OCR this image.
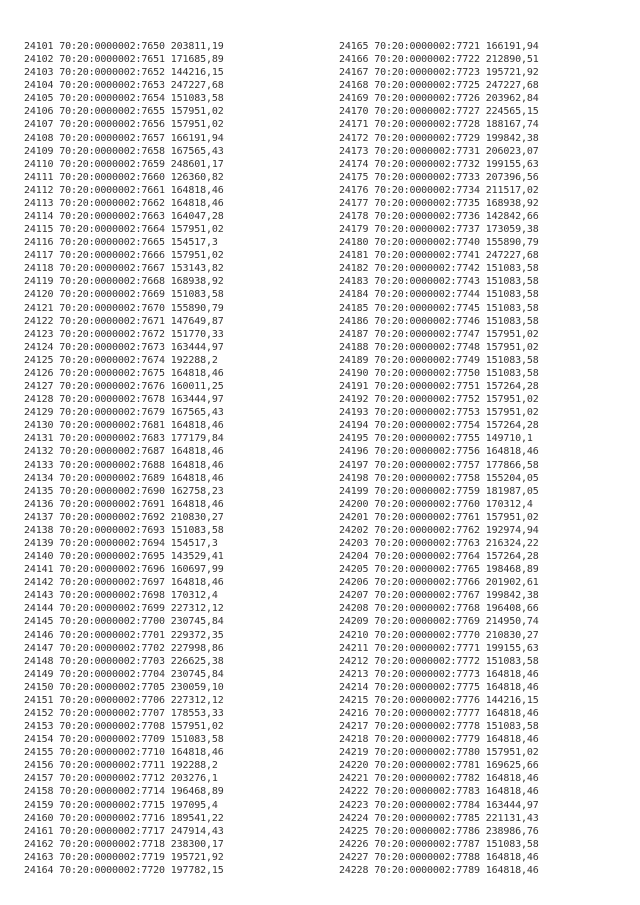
24101 70:20:0000002:7650 203811,19
24102 70:20:0000002:7651 171685,89
24103 70:20:0000002:7652 144216,15
24104 70:20:0000002:7653 247227,68
24105 70:20:0000002:7654 151083,58
24106 70:20:0000002:7655 157951,02
24107 70:20:0000002:7656 157951,02
24108 70:20:0000002:7657 166191,94
24109 70:20:0000002:7658 167565,43
24110 70:20:0000002:7659 248601,17
24111 70:20:0000002:7660 126360,82
24112 70:20:0000002:7661 164818,46
24113 70:20:0000002:7662 164818,46
24114 70:20:0000002:7663 164047,28
24115 70:20:0000002:7664 157951,02
24116 70:20:0000002:7665 154517,3
24117 70:20:0000002:7666 157951,02
24118 70:20:0000002:7667 153143,82
24119 70:20:0000002:7668 168938,92
24120 70:20:0000002:7669 151083,58
24121 70:20:0000002:7670 155890,79
24122 70:20:0000002:7671 147649,87
24123 70:20:0000002:7672 151770,33
24124 70:20:0000002:7673 163444,97
24125 70:20:0000002:7674 192288,2
24126 70:20:0000002:7675 164818,46
24127 70:20:0000002:7676 160011,25
24128 70:20:0000002:7678 163444,97
24129 70:20:0000002:7679 167565,43
24130 70:20:0000002:7681 164818,46
24131 70:20:0000002:7683 177179,84
24132 70:20:0000002:7687 164818,46
24133 70:20:0000002:7688 164818,46
24134 70:20:0000002:7689 164818,46
24135 70:20:0000002:7690 162758,23
24136 70:20:0000002:7691 164818,46
24137 70:20:0000002:7692 210830,27
24138 70:20:0000002:7693 151083,58
24139 70:20:0000002:7694 154517,3
24140 70:20:0000002:7695 143529,41
24141 70:20:0000002:7696 160697,99
24142 70:20:0000002:7697 164818,46
24143 70:20:0000002:7698 170312,4
24144 70:20:0000002:7699 227312,12
24145 70:20:0000002:7700 230745,84
24146 70:20:0000002:7701 229372,35
24147 70:20:0000002:7702 227998,86
24148 70:20:0000002:7703 226625,38
24149 70:20:0000002:7704 230745,84
24150 70:20:0000002:7705 230059,10
24151 70:20:0000002:7706 227312,12
24152 70:20:0000002:7707 178553,33
24153 70:20:0000002:7708 157951,02
24154 70:20:0000002:7709 151083,58
24155 70:20:0000002:7710 164818,46
24156 70:20:0000002:7711 192288,2
24157 70:20:0000002:7712 203276,1
24158 70:20:0000002:7714 196468,89
24159 70:20:0000002:7715 197095,4
24160 70:20:0000002:7716 189541,22
24161 70:20:0000002:7717 247914,43
24162 70:20:0000002:7718 238300,17
24163 70:20:0000002:7719 195721,92
24164 70:20:0000002:7720 197782,15
24165 70:20:0000002:7721 166191,94
24166 70:20:0000002:7722 212890,51
24167 70:20:0000002:7723 195721,92
24168 70:20:0000002:7725 247227,68
24169 70:20:0000002:7726 203962,84
24170 70:20:0000002:7727 224565,15
24171 70:20:0000002:7728 188167,74
24172 70:20:0000002:7729 199842,38
24173 70:20:0000002:7731 206023,07
24174 70:20:0000002:7732 199155,63
24175 70:20:0000002:7733 207396,56
24176 70:20:0000002:7734 211517,02
24177 70:20:0000002:7735 168938,92
24178 70:20:0000002:7736 142842,66
24179 70:20:0000002:7737 173059,38
24180 70:20:0000002:7740 155890,79
24181 70:20:0000002:7741 247227,68
24182 70:20:0000002:7742 151083,58
24183 70:20:0000002:7743 151083,58
24184 70:20:0000002:7744 151083,58
24185 70:20:0000002:7745 151083,58
24186 70:20:0000002:7746 151083,58
24187 70:20:0000002:7747 157951,02
24188 70:20:0000002:7748 157951,02
24189 70:20:0000002:7749 151083,58
24190 70:20:0000002:7750 151083,58
24191 70:20:0000002:7751 157264,28
24192 70:20:0000002:7752 157951,02
24193 70:20:0000002:7753 157951,02
24194 70:20:0000002:7754 157264,28
24195 70:20:0000002:7755 149710,1
24196 70:20:0000002:7756 164818,46
24197 70:20:0000002:7757 177866,58
24198 70:20:0000002:7758 155204,05
24199 70:20:0000002:7759 181987,05
24200 70:20:0000002:7760 170312,4
24201 70:20:0000002:7761 157951,02
24202 70:20:0000002:7762 192974,94
24203 70:20:0000002:7763 216324,22
24204 70:20:0000002:7764 157264,28
24205 70:20:0000002:7765 198468,89
24206 70:20:0000002:7766 201902,61
24207 70:20:0000002:7767 199842,38
24208 70:20:0000002:7768 196408,66
24209 70:20:0000002:7769 214950,74
24210 70:20:0000002:7770 210830,27
24211 70:20:0000002:7771 199155,63
24212 70:20:0000002:7772 151083,58
24213 70:20:0000002:7773 164818,46
24214 70:20:0000002:7775 164818,46
24215 70:20:0000002:7776 144216,15
24216 70:20:0000002:7777 164818,46
24217 70:20:0000002:7778 151083,58
24218 70:20:0000002:7779 164818,46
24219 70:20:0000002:7780 157951,02
24220 70:20:0000002:7781 169625,66
24221 70:20:0000002:7782 164818,46
24222 70:20:0000002:7783 164818,46
24223 70:20:0000002:7784 163444,97
24224 70:20:0000002:7785 221131,43
24225 70:20:0000002:7786 238986,76
24226 70:20:0000002:7787 151083,58
24227 70:20:0000002:7788 164818,46
24228 70:20:0000002:7789 164818,46
